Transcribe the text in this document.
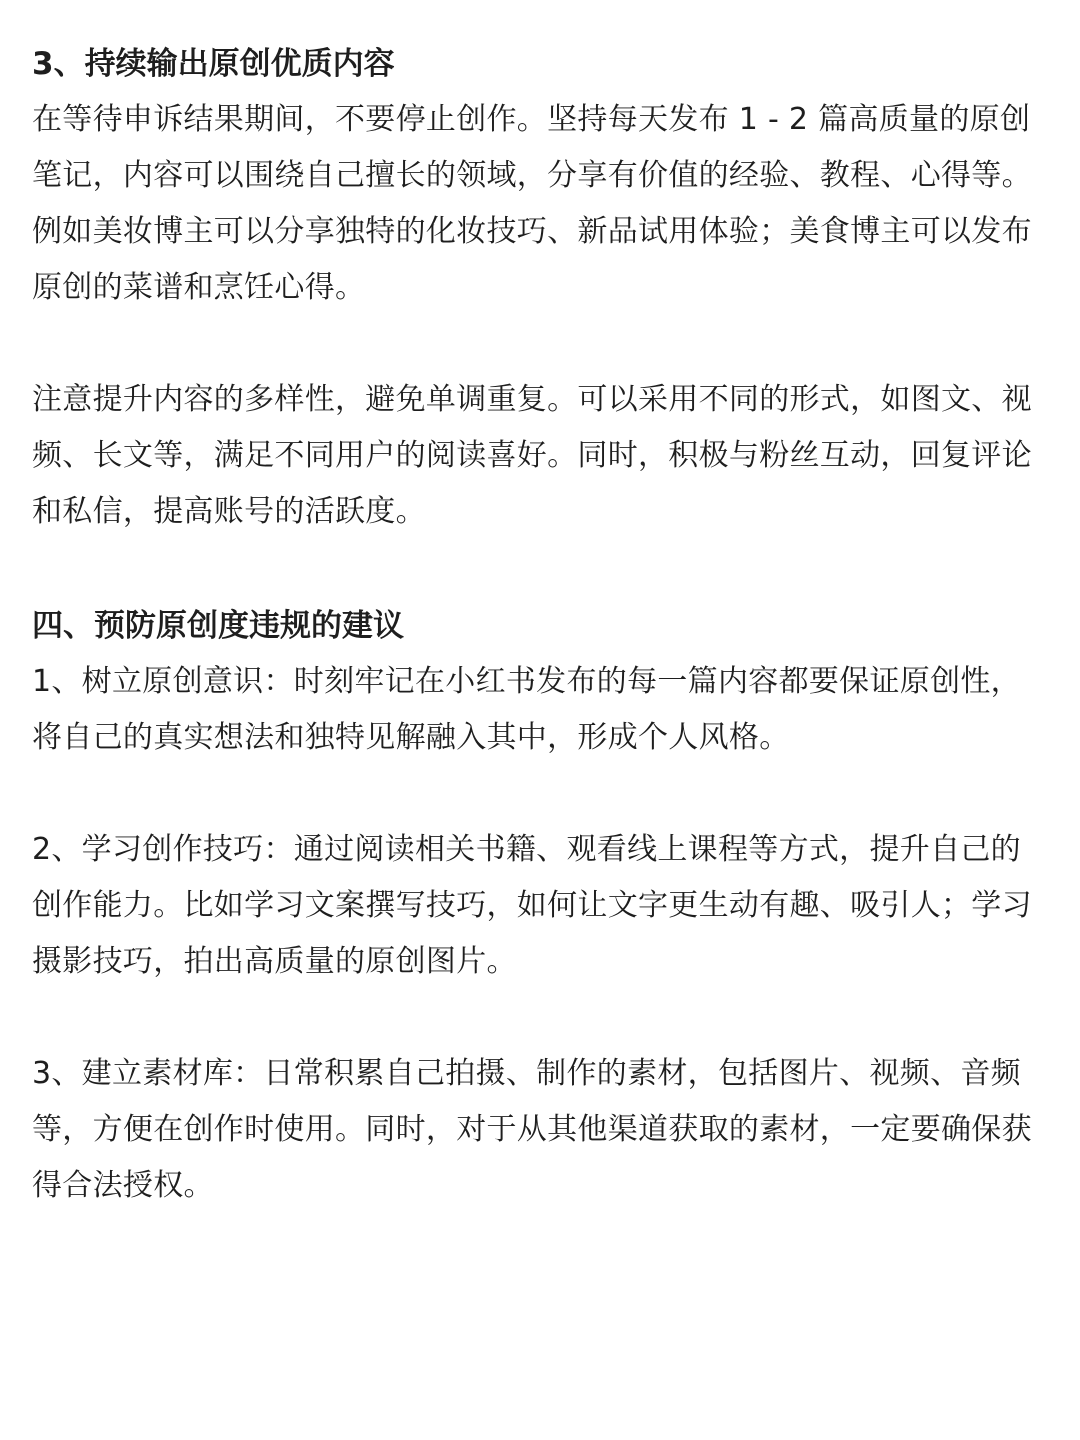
3、持续输出原创优质内容

在等待申诉结果期间，不要停止创作。坚持每天发布 1 - 2 篇高质量的原创笔记，内容可以围绕自己擅长的领域，分享有价值的经验、教程、心得等。例如美妆博主可以分享独特的化妆技巧、新品试用体验；美食博主可以发布原创的菜谱和烹饪心得。

注意提升内容的多样性，避免单调重复。可以采用不同的形式，如图文、视频、长文等，满足不同用户的阅读喜好。同时，积极与粉丝互动，回复评论和私信，提高账号的活跃度。

四、预防原创度违规的建议

1、树立原创意识：时刻牢记在小红书发布的每一篇内容都要保证原创性，将自己的真实想法和独特见解融入其中，形成个人风格。

2、学习创作技巧：通过阅读相关书籍、观看线上课程等方式，提升自己的创作能力。比如学习文案撰写技巧，如何让文字更生动有趣、吸引人；学习摄影技巧，拍出高质量的原创图片。

3、建立素材库：日常积累自己拍摄、制作的素材，包括图片、视频、音频等，方便在创作时使用。同时，对于从其他渠道获取的素材，一定要确保获得合法授权。
